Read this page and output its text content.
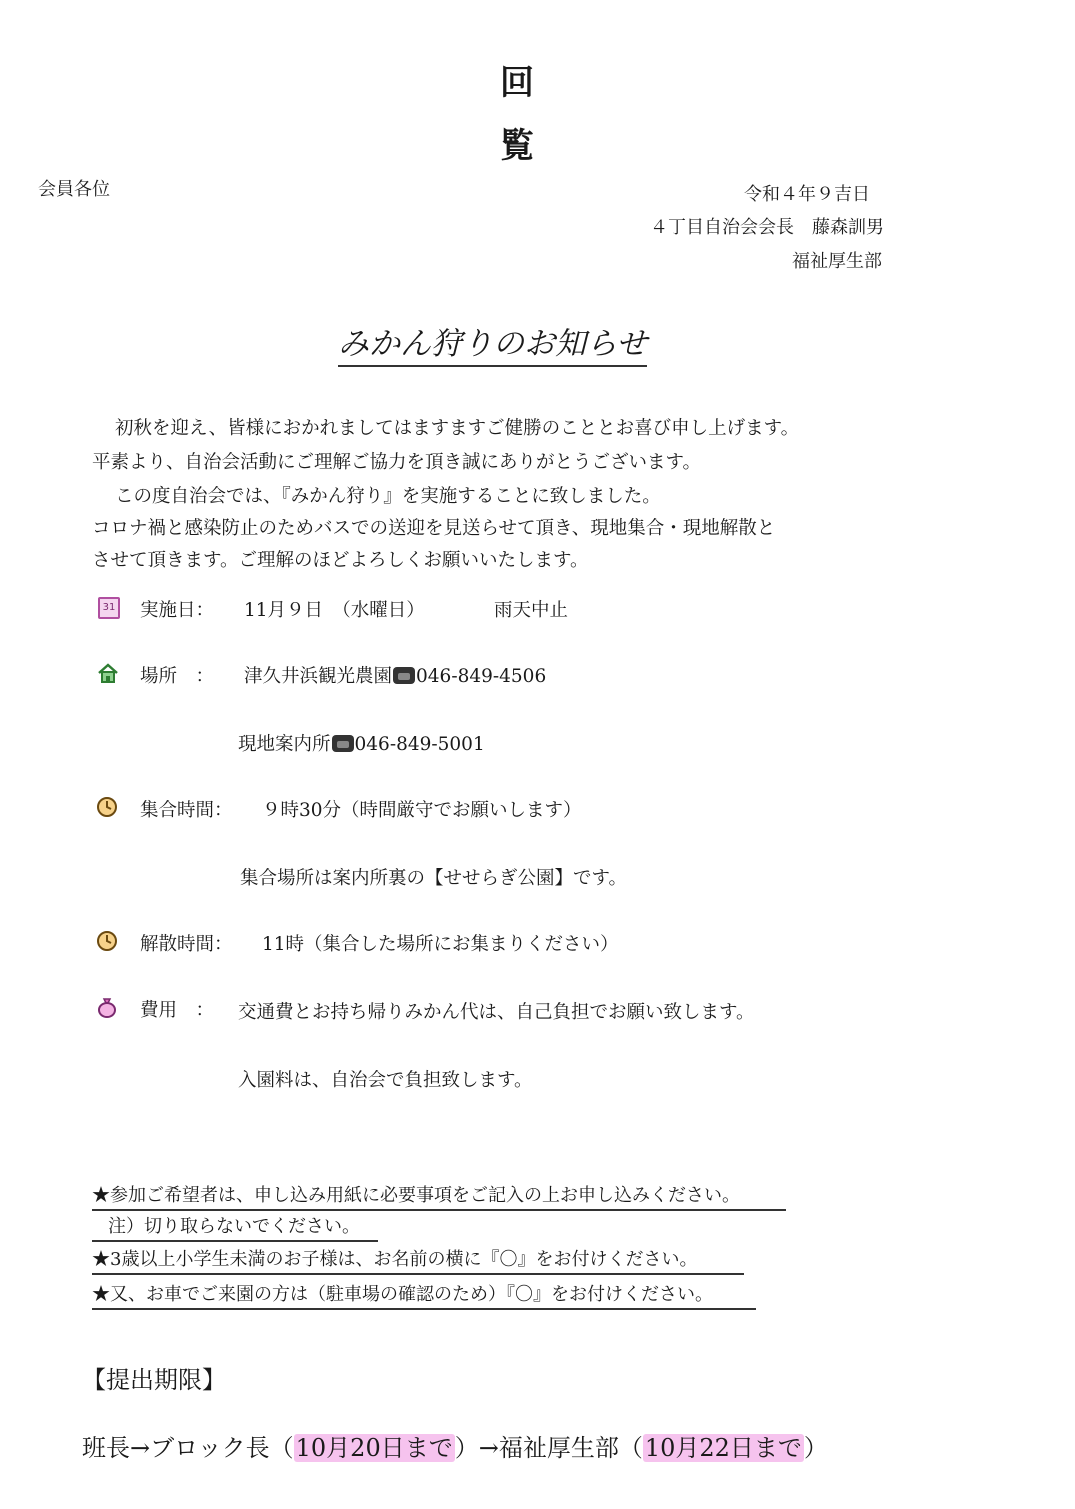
回
覧
会員各位	令和４年９吉日
４丁目自治会会長　藤森訓男
福祉厚生部
みかん狩りのお知らせ
初秋を迎え、皆様におかれましてはますますご健勝のこととお喜び申し上げます。
平素より、自治会活動にご理解ご協力を頂き誠にありがとうございます。
この度自治会では、『みかん狩り』を実施することに致しました。
コロナ禍と感染防止のためバスでの送迎を見送らせて頂き、現地集合・現地解散と
させて頂きます。ご理解のほどよろしくお願いいたします。
31 実施日： 11月９日　（水曜日）	雨天中止
場所　： 津久井浜観光農園 046-849-4506
現地案内所 046-849-5001
集合時間： ９時30分（時間厳守でお願いします）
集合場所は案内所裏の【せせらぎ公園】です。
解散時間： 11時（集合した場所にお集まりください）
費用　： 交通費とお持ち帰りみかん代は、自己負担でお願い致します。
入園料は、自治会で負担致します。
★参加ご希望者は、申し込み用紙に必要事項をご記入の上お申し込みください。
注）切り取らないでください。
★3歳以上小学生未満のお子様は、お名前の横に『〇』をお付けください。
★又、お車でご来園の方は（駐車場の確認のため）『〇』をお付けください。
【提出期限】
班長→ブロック長（10月20日まで）→福祉厚生部（10月22日まで）
